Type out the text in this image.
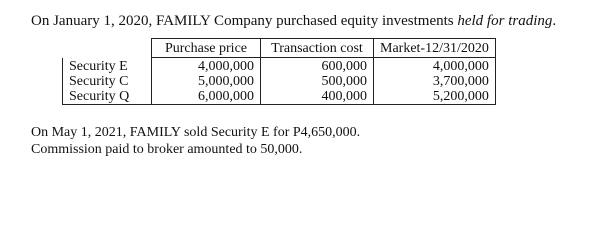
On January 1, 2020, FAMILY Company purchased equity investments held for trading.
	Purchase price	Transaction cost	Market-12/31/2020
Security E	4,000,000	600,000	4,000,000
Security C	5,000,000	500,000	3,700,000
Security Q	6,000,000	400,000	5,200,000
On May 1, 2021, FAMILY sold Security E for P4,650,000.
Commission paid to broker amounted to 50,000.
